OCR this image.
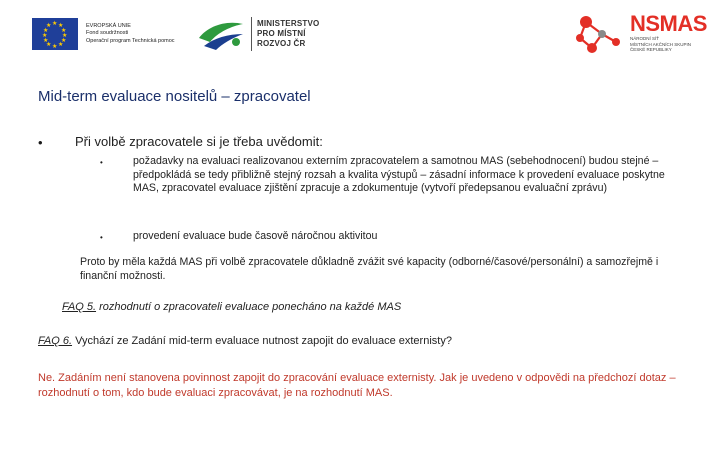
★ ★
★
★
★
★
★
★
★
★
★
★	EVROPSKÁ UNIE
Fond soudržnosti
Operační program Technická pomoc
MINISTERSTVO
PRO MÍSTNÍ
ROZVOJ ČR
NSMAS
NÁRODNÍ SÍŤ
MÍSTNÍCH AKČNÍCH SKUPIN
ČESKÉ REPUBLIKY
Mid-term evaluace nositelů – zpracovatel
• Při volbě zpracovatele si je třeba uvědomit:
•	požadavky na evaluaci realizovanou externím zpracovatelem a samotnou MAS (sebehodnocení) budou stejné – předpokládá se tedy přibližně stejný rozsah a kvalita výstupů – zásadní informace k provedení evaluace poskytne MAS, zpracovatel evaluace zjištění zpracuje a zdokumentuje (vytvoří předepsanou evaluační zprávu)
•	provedení evaluace bude časově náročnou aktivitou
Proto by měla každá MAS při volbě zpracovatele důkladně zvážit své kapacity (odborné/časové/personální) a samozřejmě i finanční možnosti.
FAQ 5. rozhodnutí o zpracovateli evaluace ponecháno na každé MAS
FAQ 6. Vychází ze Zadání mid-term evaluace nutnost zapojit do evaluace externisty?
Ne. Zadáním není stanovena povinnost zapojit do zpracování evaluace externisty. Jak je uvedeno v odpovědi na předchozí dotaz – rozhodnutí o tom, kdo bude evaluaci zpracovávat, je na rozhodnutí MAS.
